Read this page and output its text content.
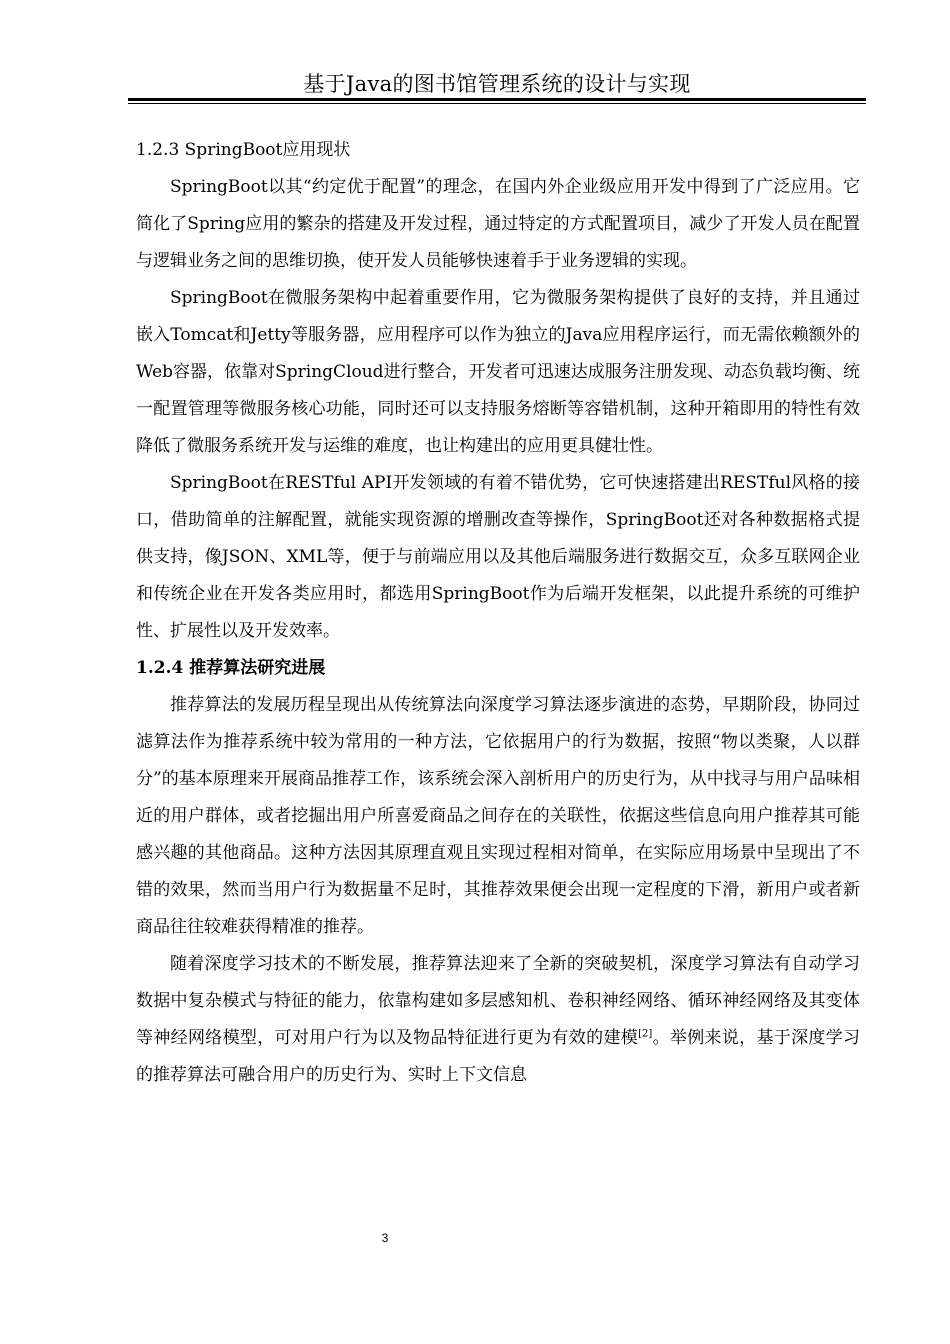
基于Java的图书馆管理系统的设计与实现
1.2.3 SpringBoot应用现状

SpringBoot以其“约定优于配置”的理念，在国内外企业级应用开发中得到了广泛应用。它简化了Spring应用的繁杂的搭建及开发过程，通过特定的方式配置项目，减少了开发人员在配置与逻辑业务之间的思维切换，使开发人员能够快速着手于业务逻辑的实现。

SpringBoot在微服务架构中起着重要作用，它为微服务架构提供了良好的支持，并且通过嵌入Tomcat和Jetty等服务器，应用程序可以作为独立的Java应用程序运行，而无需依赖额外的Web容器，依靠对SpringCloud进行整合，开发者可迅速达成服务注册发现、动态负载均衡、统一配置管理等微服务核心功能，同时还可以支持服务熔断等容错机制，这种开箱即用的特性有效降低了微服务系统开发与运维的难度，也让构建出的应用更具健壮性。

SpringBoot在RESTful API开发领域的有着不错优势，它可快速搭建出RESTful风格的接口，借助简单的注解配置，就能实现资源的增删改查等操作，SpringBoot还对各种数据格式提供支持，像JSON、XML等，便于与前端应用以及其他后端服务进行数据交互，众多互联网企业和传统企业在开发各类应用时，都选用SpringBoot作为后端开发框架，以此提升系统的可维护性、扩展性以及开发效率。

1.2.4 推荐算法研究进展

推荐算法的发展历程呈现出从传统算法向深度学习算法逐步演进的态势，早期阶段，协同过滤算法作为推荐系统中较为常用的一种方法，它依据用户的行为数据，按照“物以类聚，人以群分”的基本原理来开展商品推荐工作，该系统会深入剖析用户的历史行为，从中找寻与用户品味相近的用户群体，或者挖掘出用户所喜爱商品之间存在的关联性，依据这些信息向用户推荐其可能感兴趣的其他商品。这种方法因其原理直观且实现过程相对简单，在实际应用场景中呈现出了不错的效果，然而当用户行为数据量不足时，其推荐效果便会出现一定程度的下滑，新用户或者新商品往往较难获得精准的推荐。

随着深度学习技术的不断发展，推荐算法迎来了全新的突破契机，深度学习算法有自动学习数据中复杂模式与特征的能力，依靠构建如多层感知机、卷积神经网络、循环神经网络及其变体等神经网络模型，可对用户行为以及物品特征进行更为有效的建模[2]。举例来说，基于深度学习的推荐算法可融合用户的历史行为、实时上下文信息

3
